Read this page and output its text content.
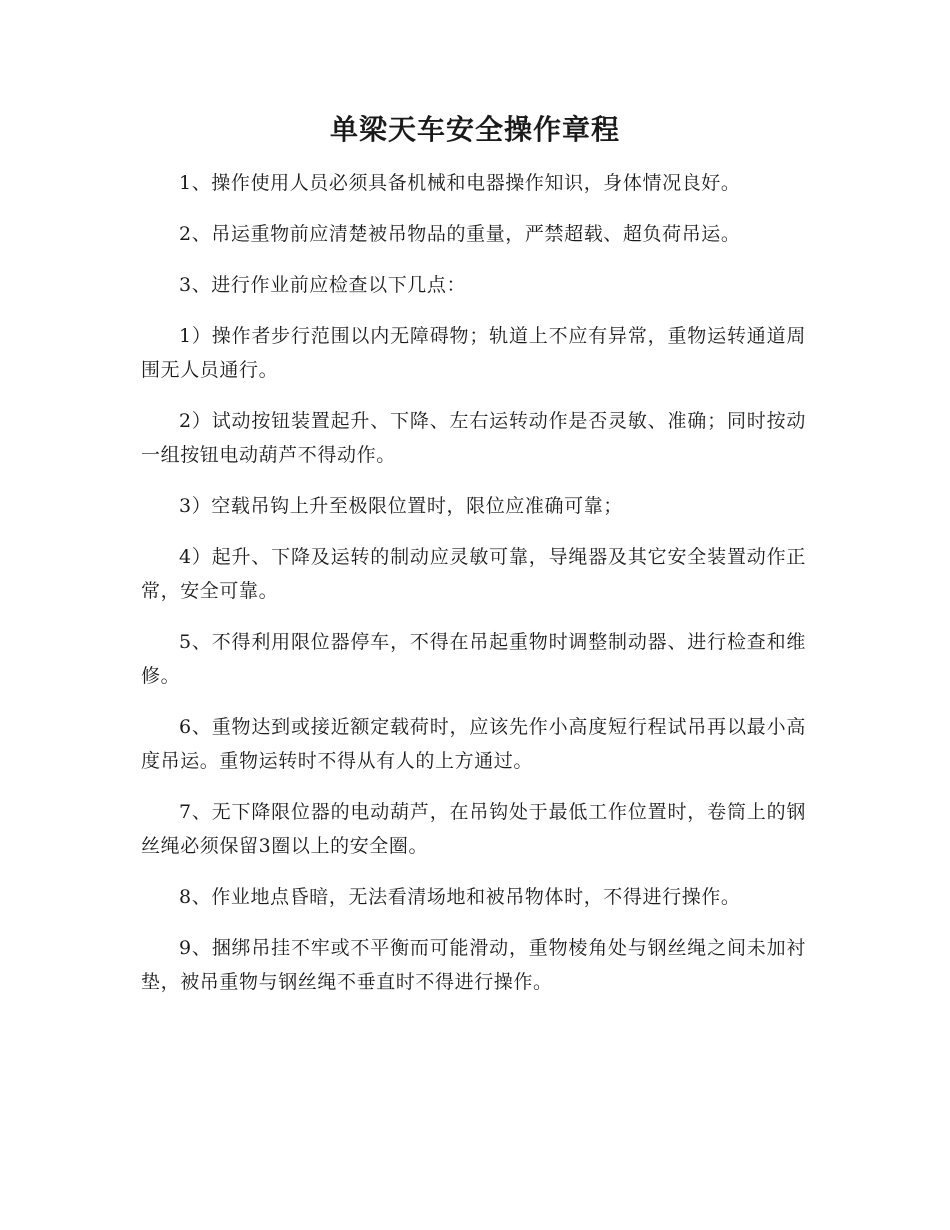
单梁天车安全操作章程

1、操作使用人员必须具备机械和电器操作知识，身体情况良好。

2、吊运重物前应清楚被吊物品的重量，严禁超载、超负荷吊运。

3、进行作业前应检查以下几点：

1）操作者步行范围以内无障碍物；轨道上不应有异常，重物运转通道周围无人员通行。

2）试动按钮装置起升、下降、左右运转动作是否灵敏、准确；同时按动一组按钮电动葫芦不得动作。

3）空载吊钩上升至极限位置时，限位应准确可靠；

4）起升、下降及运转的制动应灵敏可靠，导绳器及其它安全装置动作正常，安全可靠。

5、不得利用限位器停车，不得在吊起重物时调整制动器、进行检查和维修。

6、重物达到或接近额定载荷时，应该先作小高度短行程试吊再以最小高度吊运。重物运转时不得从有人的上方通过。

7、无下降限位器的电动葫芦，在吊钩处于最低工作位置时，卷筒上的钢丝绳必须保留3圈以上的安全圈。

8、作业地点昏暗，无法看清场地和被吊物体时，不得进行操作。

9、捆绑吊挂不牢或不平衡而可能滑动，重物棱角处与钢丝绳之间未加衬垫，被吊重物与钢丝绳不垂直时不得进行操作。
